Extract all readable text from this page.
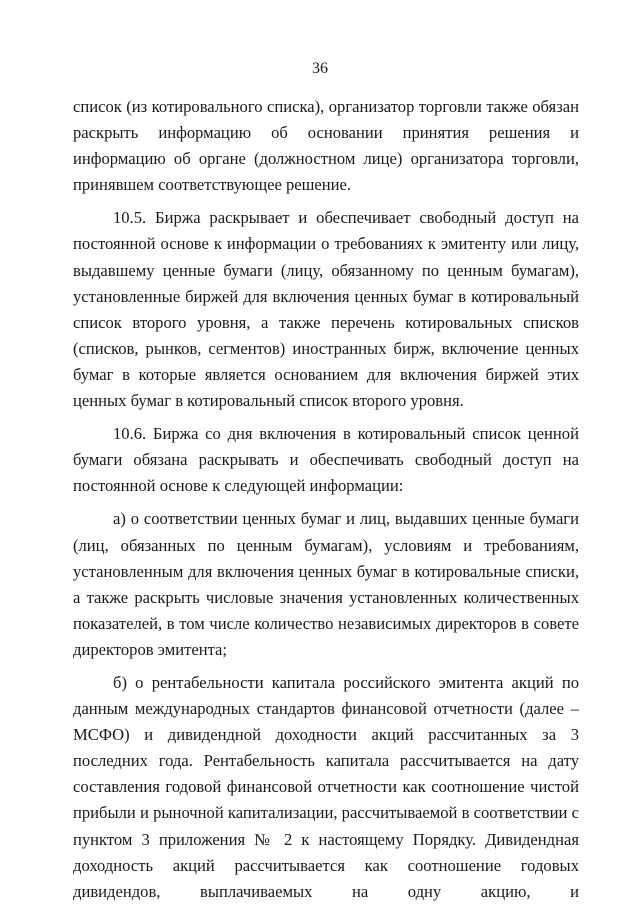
36

список (из котировального списка), организатор торговли также обязан раскрыть информацию об основании принятия решения и информацию об органе (должностном лице) организатора торговли, принявшем соответствующее решение.

10.5. Биржа раскрывает и обеспечивает свободный доступ на постоянной основе к информации о требованиях к эмитенту или лицу, выдавшему ценные бумаги (лицу, обязанному по ценным бумагам), установленные биржей для включения ценных бумаг в котировальный список второго уровня, а также перечень котировальных списков (списков, рынков, сегментов) иностранных бирж, включение ценных бумаг в которые является основанием для включения биржей этих ценных бумаг в котировальный список второго уровня.

10.6. Биржа со дня включения в котировальный список ценной бумаги обязана раскрывать и обеспечивать свободный доступ на постоянной основе к следующей информации:

а) о соответствии ценных бумаг и лиц, выдавших ценные бумаги (лиц, обязанных по ценным бумагам), условиям и требованиям, установленным для включения ценных бумаг в котировальные списки, а также раскрыть числовые значения установленных количественных показателей, в том числе количество независимых директоров в совете директоров эмитента;

б) о рентабельности капитала российского эмитента акций по данным международных стандартов финансовой отчетности (далее – МСФО) и дивидендной доходности акций рассчитанных за 3 последних года. Рентабельность капитала рассчитывается на дату составления годовой финансовой отчетности как соотношение чистой прибыли и рыночной капитализации, рассчитываемой в соответствии с пунктом 3 приложения № 2 к настоящему Порядку. Дивидендная доходность акций рассчитывается как соотношение годовых дивидендов, выплачиваемых на одну акцию, и
